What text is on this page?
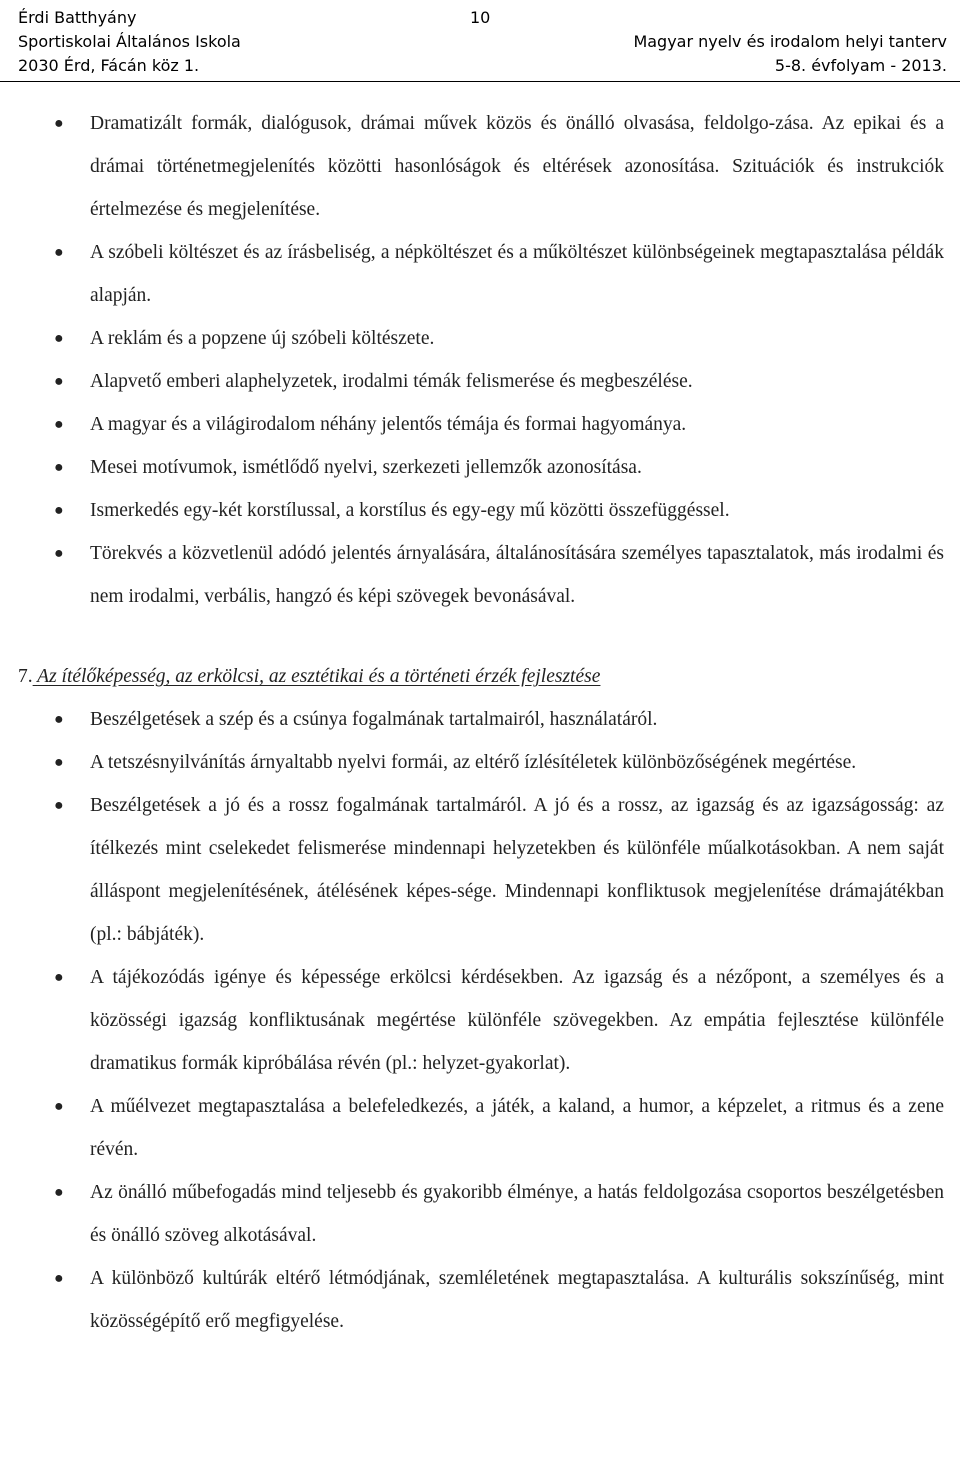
Érdi Batthyány
Sportiskolai Általános Iskola
2030 Érd, Fácán köz 1.
10
Magyar nyelv és irodalom helyi tanterv
5-8. évfolyam - 2013.
● Dramatizált formák, dialógusok, drámai művek közös és önálló olvasása, feldolgo-zása. Az epikai és a drámai történetmegjelenítés közötti hasonlóságok és eltérések azonosítása. Szituációk és instrukciók értelmezése és megjelenítése.
● A szóbeli költészet és az írásbeliség, a népköltészet és a műköltészet különbségeinek megtapasztalása példák alapján.
● A reklám és a popzene új szóbeli költészete.
● Alapvető emberi alaphelyzetek, irodalmi témák felismerése és megbeszélése.
● A magyar és a világirodalom néhány jelentős témája és formai hagyománya.
● Mesei motívumok, ismétlődő nyelvi, szerkezeti jellemzők azonosítása.
● Ismerkedés egy-két korstílussal, a korstílus és egy-egy mű közötti összefüggéssel.
● Törekvés a közvetlenül adódó jelentés árnyalására, általánosítására személyes tapasztalatok, más irodalmi és nem irodalmi, verbális, hangzó és képi szövegek bevonásával.
7. Az ítélőképesség, az erkölcsi, az esztétikai és a történeti érzék fejlesztése
● Beszélgetések a szép és a csúnya fogalmának tartalmairól, használatáról.
● A tetszésnyilvánítás árnyaltabb nyelvi formái, az eltérő ízlésítéletek különbözőségének megértése.
● Beszélgetések a jó és a rossz fogalmának tartalmáról. A jó és a rossz, az igazság és az igazságosság: az ítélkezés mint cselekedet felismerése mindennapi helyzetekben és különféle műalkotásokban. A nem saját álláspont megjelenítésének, átélésének képes-sége. Mindennapi konfliktusok megjelenítése drámajátékban (pl.: bábjáték).
● A tájékozódás igénye és képessége erkölcsi kérdésekben. Az igazság és a nézőpont, a személyes és a közösségi igazság konfliktusának megértése különféle szövegekben. Az empátia fejlesztése különféle dramatikus formák kipróbálása révén (pl.: helyzet-gyakorlat).
● A műélvezet megtapasztalása a belefeledkezés, a játék, a kaland, a humor, a képzelet, a ritmus és a zene révén.
● Az önálló műbefogadás mind teljesebb és gyakoribb élménye, a hatás feldolgozása csoportos beszélgetésben és önálló szöveg alkotásával.
● A különböző kultúrák eltérő létmódjának, szemléletének megtapasztalása. A kulturális sokszínűség, mint közösségépítő erő megfigyelése.
